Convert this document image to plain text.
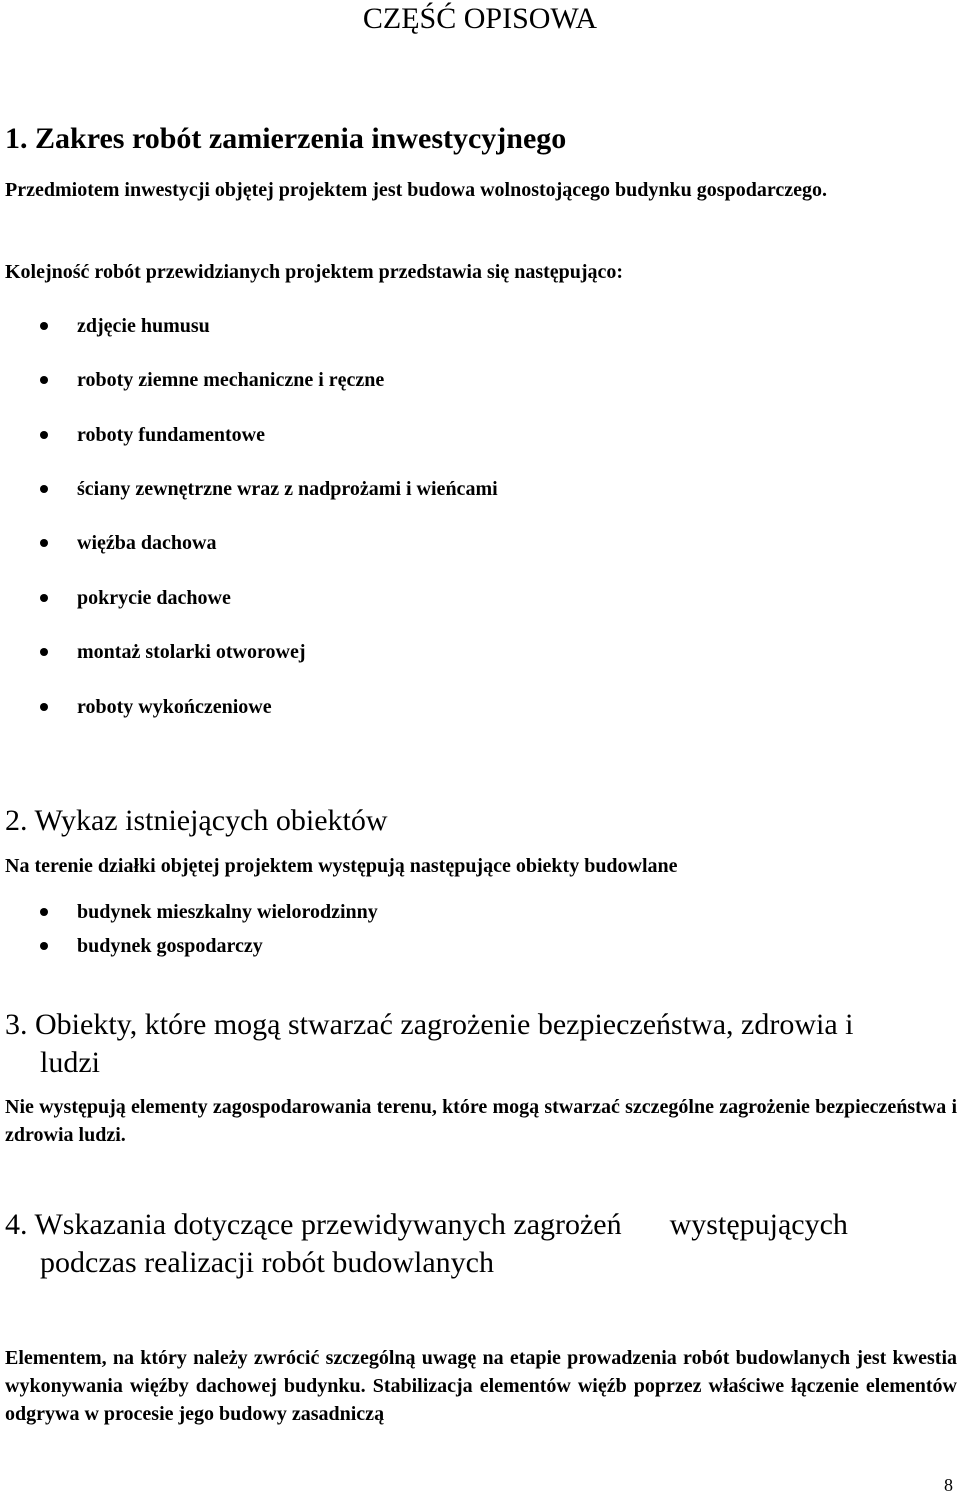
CZĘŚĆ OPISOWA
1. Zakres robót zamierzenia inwestycyjnego
Przedmiotem inwestycji objętej projektem jest budowa wolnostojącego budynku gospodarczego.
Kolejność robót przewidzianych projektem przedstawia się następująco:
zdjęcie humusu
roboty ziemne mechaniczne i ręczne
roboty fundamentowe
ściany zewnętrzne wraz z nadprożami i wieńcami
więźba dachowa
pokrycie dachowe
montaż stolarki otworowej
roboty wykończeniowe
2. Wykaz istniejących obiektów
Na terenie działki objętej projektem występują następujące obiekty budowlane
budynek mieszkalny wielorodzinny
budynek gospodarczy
3. Obiekty, które mogą stwarzać zagrożenie bezpieczeństwa, zdrowia i
ludzi
Nie występują elementy zagospodarowania terenu, które mogą stwarzać szczególne zagrożenie bezpieczeństwa i zdrowia ludzi.
4. Wskazania dotyczące przewidywanych zagrożeń występujących
podczas realizacji robót budowlanych
Elementem, na który należy zwrócić szczególną uwagę na etapie prowadzenia robót budowlanych jest kwestia wykonywania więźby dachowej budynku. Stabilizacja elementów więźb poprzez właściwe łączenie elementów odgrywa w procesie jego budowy zasadniczą
8
